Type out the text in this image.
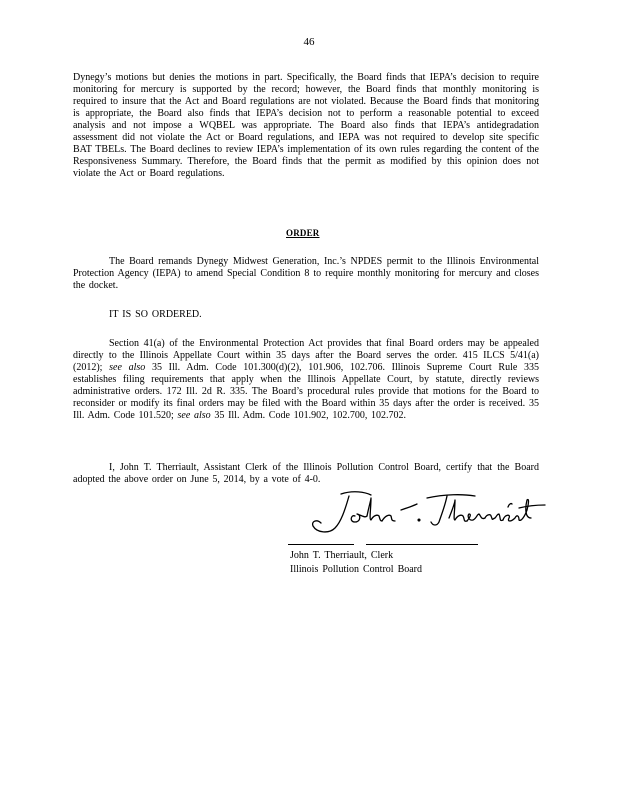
46

Dynegy’s motions but denies the motions in part. Specifically, the Board finds that IEPA’s decision to require monitoring for mercury is supported by the record; however, the Board finds that monthly monitoring is required to insure that the Act and Board regulations are not violated. Because the Board finds that monitoring is appropriate, the Board also finds that IEPA’s decision not to perform a reasonable potential to exceed analysis and not impose a WQBEL was appropriate. The Board also finds that IEPA’s antidegradation assessment did not violate the Act or Board regulations, and IEPA was not required to develop site specific BAT TBELs. The Board declines to review IEPA’s implementation of its own rules regarding the content of the Responsiveness Summary. Therefore, the Board finds that the permit as modified by this opinion does not violate the Act or Board regulations.

ORDER

The Board remands Dynegy Midwest Generation, Inc.’s NPDES permit to the Illinois Environmental Protection Agency (IEPA) to amend Special Condition 8 to require monthly monitoring for mercury and closes the docket.

IT IS SO ORDERED.

Section 41(a) of the Environmental Protection Act provides that final Board orders may be appealed directly to the Illinois Appellate Court within 35 days after the Board serves the order. 415 ILCS 5/41(a) (2012); see also 35 Ill. Adm. Code 101.300(d)(2), 101.906, 102.706. Illinois Supreme Court Rule 335 establishes filing requirements that apply when the Illinois Appellate Court, by statute, directly reviews administrative orders. 172 Ill. 2d R. 335. The Board’s procedural rules provide that motions for the Board to reconsider or modify its final orders may be filed with the Board within 35 days after the order is received. 35 Ill. Adm. Code 101.520; see also 35 Ill. Adm. Code 101.902, 102.700, 102.702.

I, John T. Therriault, Assistant Clerk of the Illinois Pollution Control Board, certify that the Board adopted the above order on June 5, 2014, by a vote of 4-0.

John T. Therriault, Clerk
Illinois Pollution Control Board
